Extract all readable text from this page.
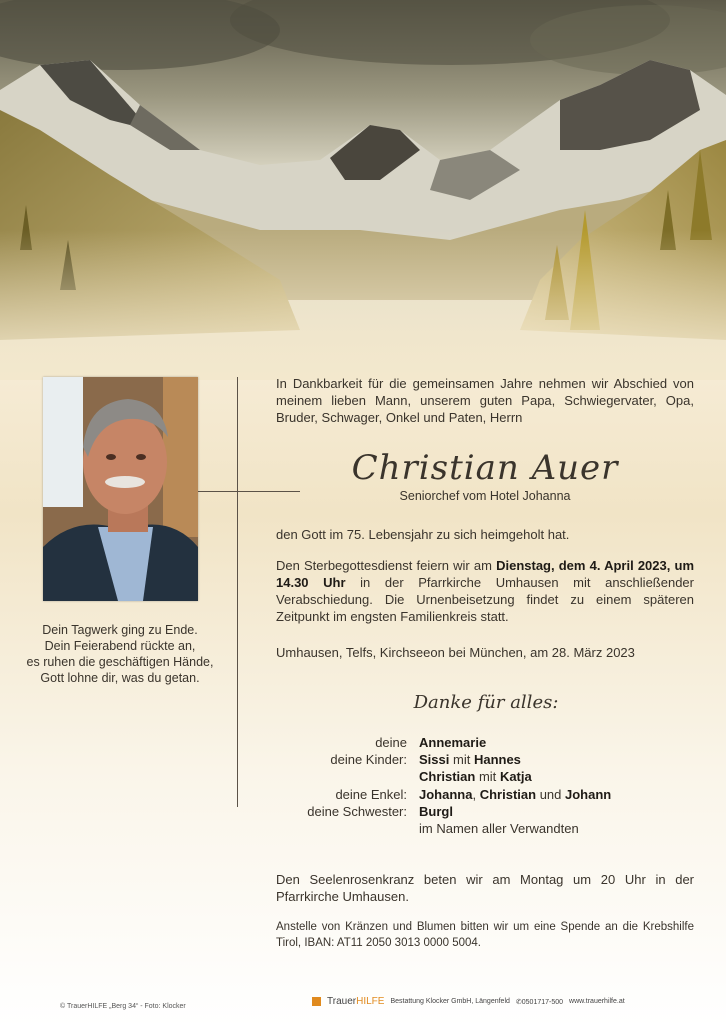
Dein Tagwerk ging zu Ende.
Dein Feierabend rückte an,
es ruhen die geschäftigen Hände,
Gott lohne dir, was du getan.
In Dankbarkeit für die gemeinsamen Jahre nehmen wir Abschied von meinem lieben Mann, unserem guten Papa, Schwiegervater, Opa, Bruder, Schwager, Onkel und Paten, Herrn
Christian Auer
Seniorchef vom Hotel Johanna
den Gott im 75. Lebensjahr zu sich heimgeholt hat.
Den Sterbegottesdienst feiern wir am Dienstag, dem 4. April 2023, um 14.30 Uhr in der Pfarrkirche Umhausen mit anschließender Verabschiedung. Die Urnenbeisetzung findet zu einem späteren Zeitpunkt im engsten Familienkreis statt.
Umhausen, Telfs, Kirchseeon bei München, am 28. März 2023
Danke für alles:
deine Annemarie
deine Kinder: Sissi mit Hannes
Christian mit Katja
deine Enkel: Johanna, Christian und Johann
deine Schwester: Burgl
im Namen aller Verwandten
Den Seelenrosenkranz beten wir am Montag um 20 Uhr in der Pfarrkirche Umhausen.
Anstelle von Kränzen und Blumen bitten wir um eine Spende an die Krebshilfe Tirol, IBAN: AT11 2050 3013 0000 5004.
© TrauerHILFE „Berg 34“ - Foto: Klocker	TrauerHILFE Bestattung Klocker GmbH, Längenfeld ✆0501717-500 www.trauerhilfe.at
